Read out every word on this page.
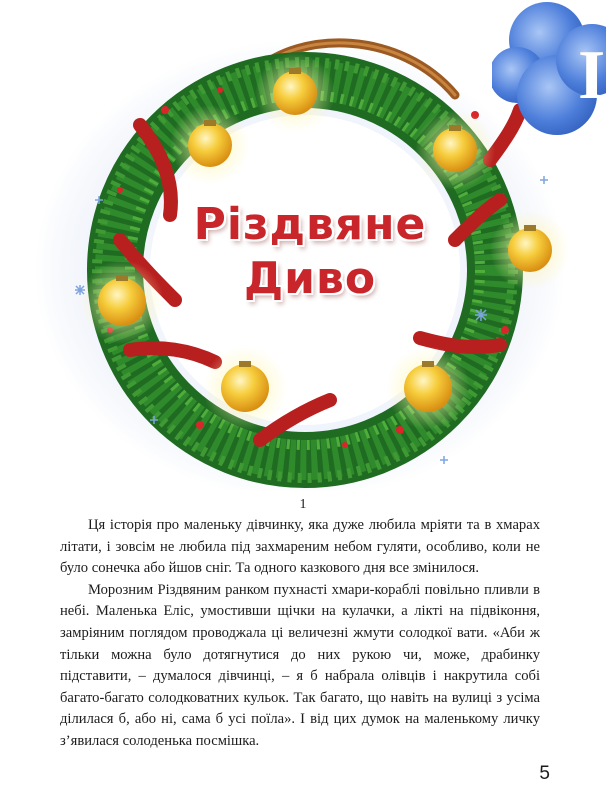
I
Різдвяне
Диво
1

Ця історія про маленьку дівчинку, яка дуже любила мріяти та в хмарах літати, і зовсім не любила під захмареним небом гуляти, особливо, коли не було сонечка або йшов сніг. Та одного казкового дня все змінилося.

Морозним Різдвяним ранком пухнасті хмари-кораблі повільно пливли в небі. Маленька Еліс, умостивши щічки на кулачки, а лікті на підвіконня, замріяним поглядом проводжала ці величезні жмути солодкої вати. «Аби ж тільки можна було дотягнутися до них рукою чи, може, драбинку підставити, – думалося дівчинці, – я б набрала олівців і накрутила собі багато-багато солодковатних кульок. Так багато, що навіть на вулиці з усіма ділилася б, або ні, сама б усі поїла». І від цих думок на маленькому личку з’явилася солоденька посмішка.

5
